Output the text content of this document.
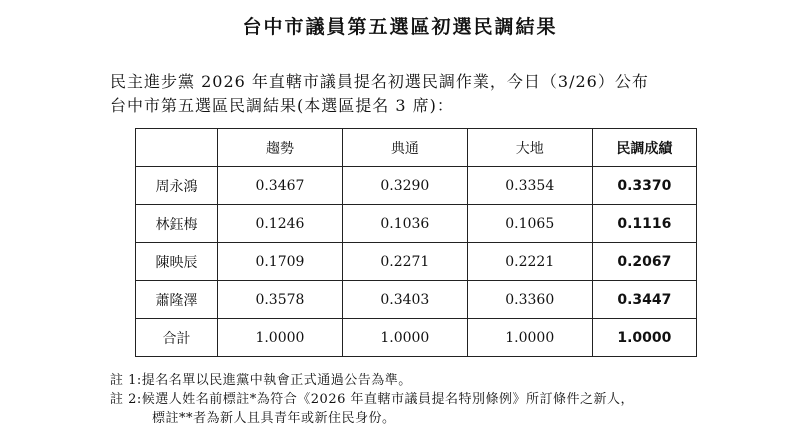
台中市議員第五選區初選民調結果
民主進步黨 2026 年直轄市議員提名初選民調作業，今日（3/26）公布
台中市第五選區民調結果(本選區提名 3 席)：
	趨勢	典通	大地	民調成績
周永鴻	0.3467	0.3290	0.3354	0.3370
林鈺梅	0.1246	0.1036	0.1065	0.1116
陳映辰	0.1709	0.2271	0.2221	0.2067
蕭隆澤	0.3578	0.3403	0.3360	0.3447
合計	1.0000	1.0000	1.0000	1.0000
註 1:提名名單以民進黨中執會正式通過公告為準。
註 2:候選人姓名前標註*為符合《2026 年直轄市議員提名特別條例》所訂條件之新人，
標註**者為新人且具青年或新住民身份。
